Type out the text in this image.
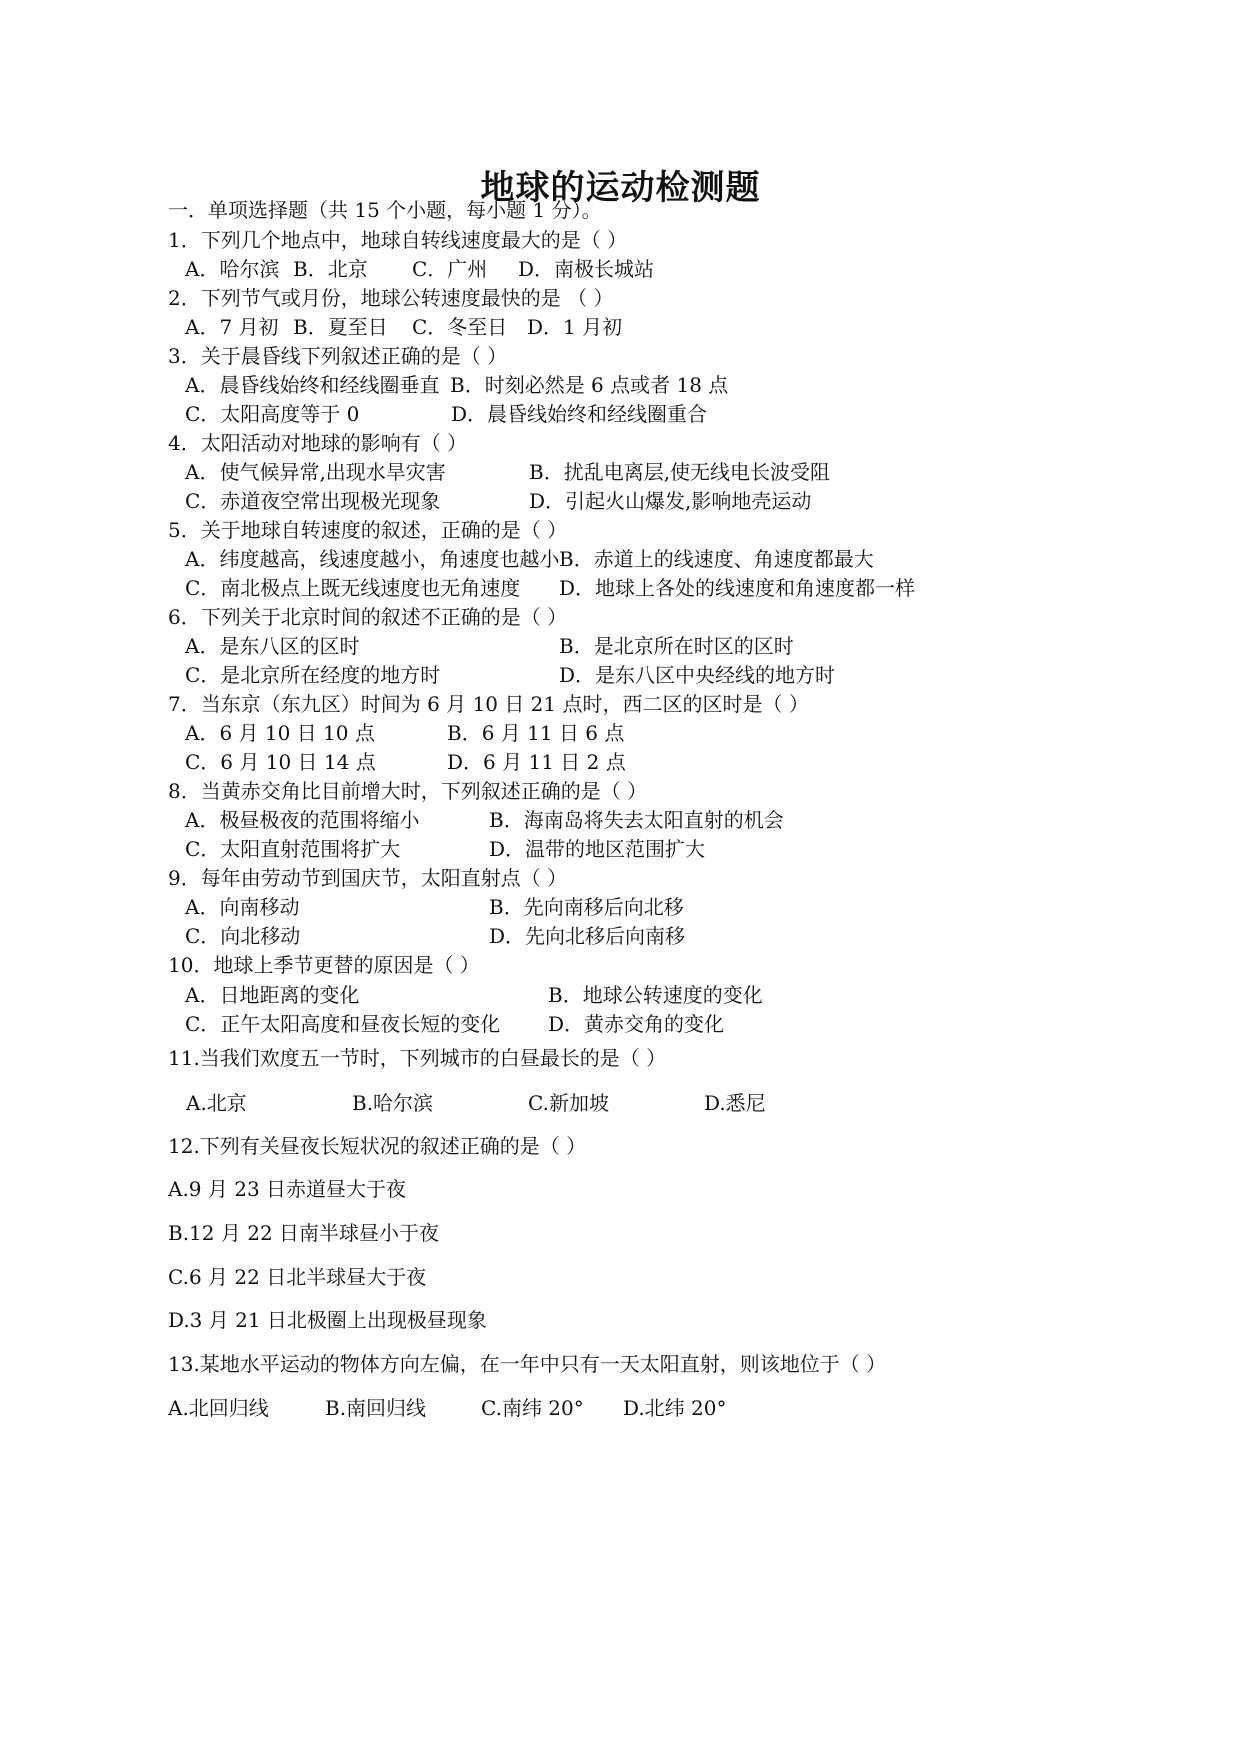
地球的运动检测题
一．单项选择题（共 15 个小题，每小题 1 分）。
1．下列几个地点中，地球自转线速度最大的是（ ）
A．哈尔滨 B．北京 C．广州 D．南极长城站
2．下列节气或月份，地球公转速度最快的是 （ ）
A．7 月初 B．夏至日 C．冬至日 D．1 月初
3．关于晨昏线下列叙述正确的是（ ）
A．晨昏线始终和经线圈垂直 B．时刻必然是 6 点或者 18 点
C．太阳高度等于 0	D．晨昏线始终和经线圈重合
4．太阳活动对地球的影响有（ ）
A．使气候异常,出现水旱灾害	B．扰乱电离层,使无线电长波受阻
C．赤道夜空常出现极光现象	D．引起火山爆发,影响地壳运动
5．关于地球自转速度的叙述，正确的是（ ）
A．纬度越高，线速度越小，角速度也越小 B．赤道上的线速度、角速度都最大
C．南北极点上既无线速度也无角速度 D．地球上各处的线速度和角速度都一样
6．下列关于北京时间的叙述不正确的是（ ）
A．是东八区的区时	B．是北京所在时区的区时
C．是北京所在经度的地方时	D．是东八区中央经线的地方时
7．当东京（东九区）时间为 6 月 10 日 21 点时，西二区的区时是（ ）
A．6 月 10 日 10 点	B．6 月 11 日 6 点
C．6 月 10 日 14 点	D．6 月 11 日 2 点
8．当黄赤交角比目前增大时，下列叙述正确的是（ ）
A．极昼极夜的范围将缩小	B．海南岛将失去太阳直射的机会
C．太阳直射范围将扩大	D．温带的地区范围扩大
9．每年由劳动节到国庆节，太阳直射点（ ）
A．向南移动	B．先向南移后向北移
C．向北移动	D．先向北移后向南移
10．地球上季节更替的原因是（ ）
A．日地距离的变化	B．地球公转速度的变化
C．正午太阳高度和昼夜长短的变化 D．黄赤交角的变化
11.当我们欢度五一节时，下列城市的白昼最长的是（ ）
A.北京	B.哈尔滨	C.新加坡	D.悉尼
12.下列有关昼夜长短状况的叙述正确的是（ ）
A.9 月 23 日赤道昼大于夜
B.12 月 22 日南半球昼小于夜
C.6 月 22 日北半球昼大于夜
D.3 月 21 日北极圈上出现极昼现象
13.某地水平运动的物体方向左偏，在一年中只有一天太阳直射，则该地位于（ ）
A.北回归线	B.南回归线	C.南纬 20° D.北纬 20°
